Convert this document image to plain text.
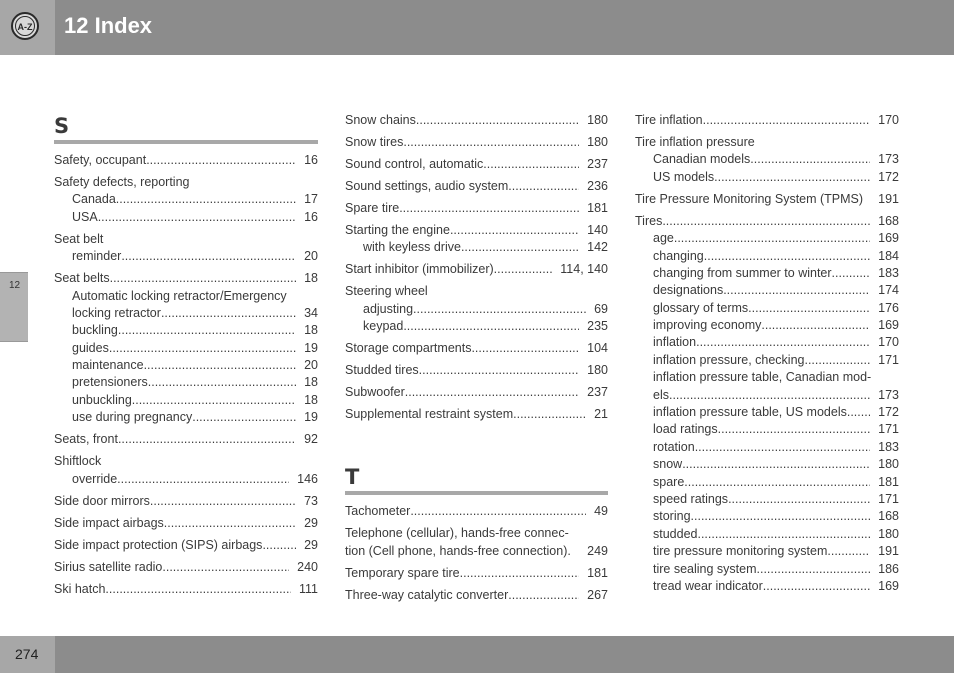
A-Z 12 Index
12
S
Safety, occupant .....	16
Safety defects, reporting
Canada .....	17
USA .....	16
Seat belt
reminder .....	20
Seat belts .....	18
Automatic locking retractor/Emergency
locking retractor .....	34
buckling .....	18
guides .....	19
maintenance .....	20
pretensioners .....	18
unbuckling .....	18
use during pregnancy .....	19
Seats, front .....	92
Shiftlock
override .....	146
Side door mirrors .....	73
Side impact airbags .....	29
Side impact protection (SIPS) airbags .....	29
Sirius satellite radio .....	240
Ski hatch .....	111
Snow chains .....	180
Snow tires .....	180
Sound control, automatic .....	237
Sound settings, audio system .....	236
Spare tire .....	181
Starting the engine .....	140
with keyless drive .....	142
Start inhibitor (immobilizer) .....	114, 140
Steering wheel
adjusting .....	69
keypad .....	235
Storage compartments .....	104
Studded tires .....	180
Subwoofer .....	237
Supplemental restraint system .....	21
T
Tachometer .....	49
Telephone (cellular), hands-free connec-
tion (Cell phone, hands-free connection).	249
Temporary spare tire .....	181
Three-way catalytic converter .....	267
Tire inflation .....	170
Tire inflation pressure
Canadian models .....	173
US models .....	172
Tire Pressure Monitoring System (TPMS)	191
Tires .....	168
age .....	169
changing .....	184
changing from summer to winter .....	183
designations .....	174
glossary of terms .....	176
improving economy .....	169
inflation .....	170
inflation pressure, checking .....	171
inflation pressure table, Canadian mod-
els .....	173
inflation pressure table, US models .....	172
load ratings .....	171
rotation .....	183
snow .....	180
spare .....	181
speed ratings .....	171
storing .....	168
studded .....	180
tire pressure monitoring system .....	191
tire sealing system .....	186
tread wear indicator .....	169
274
